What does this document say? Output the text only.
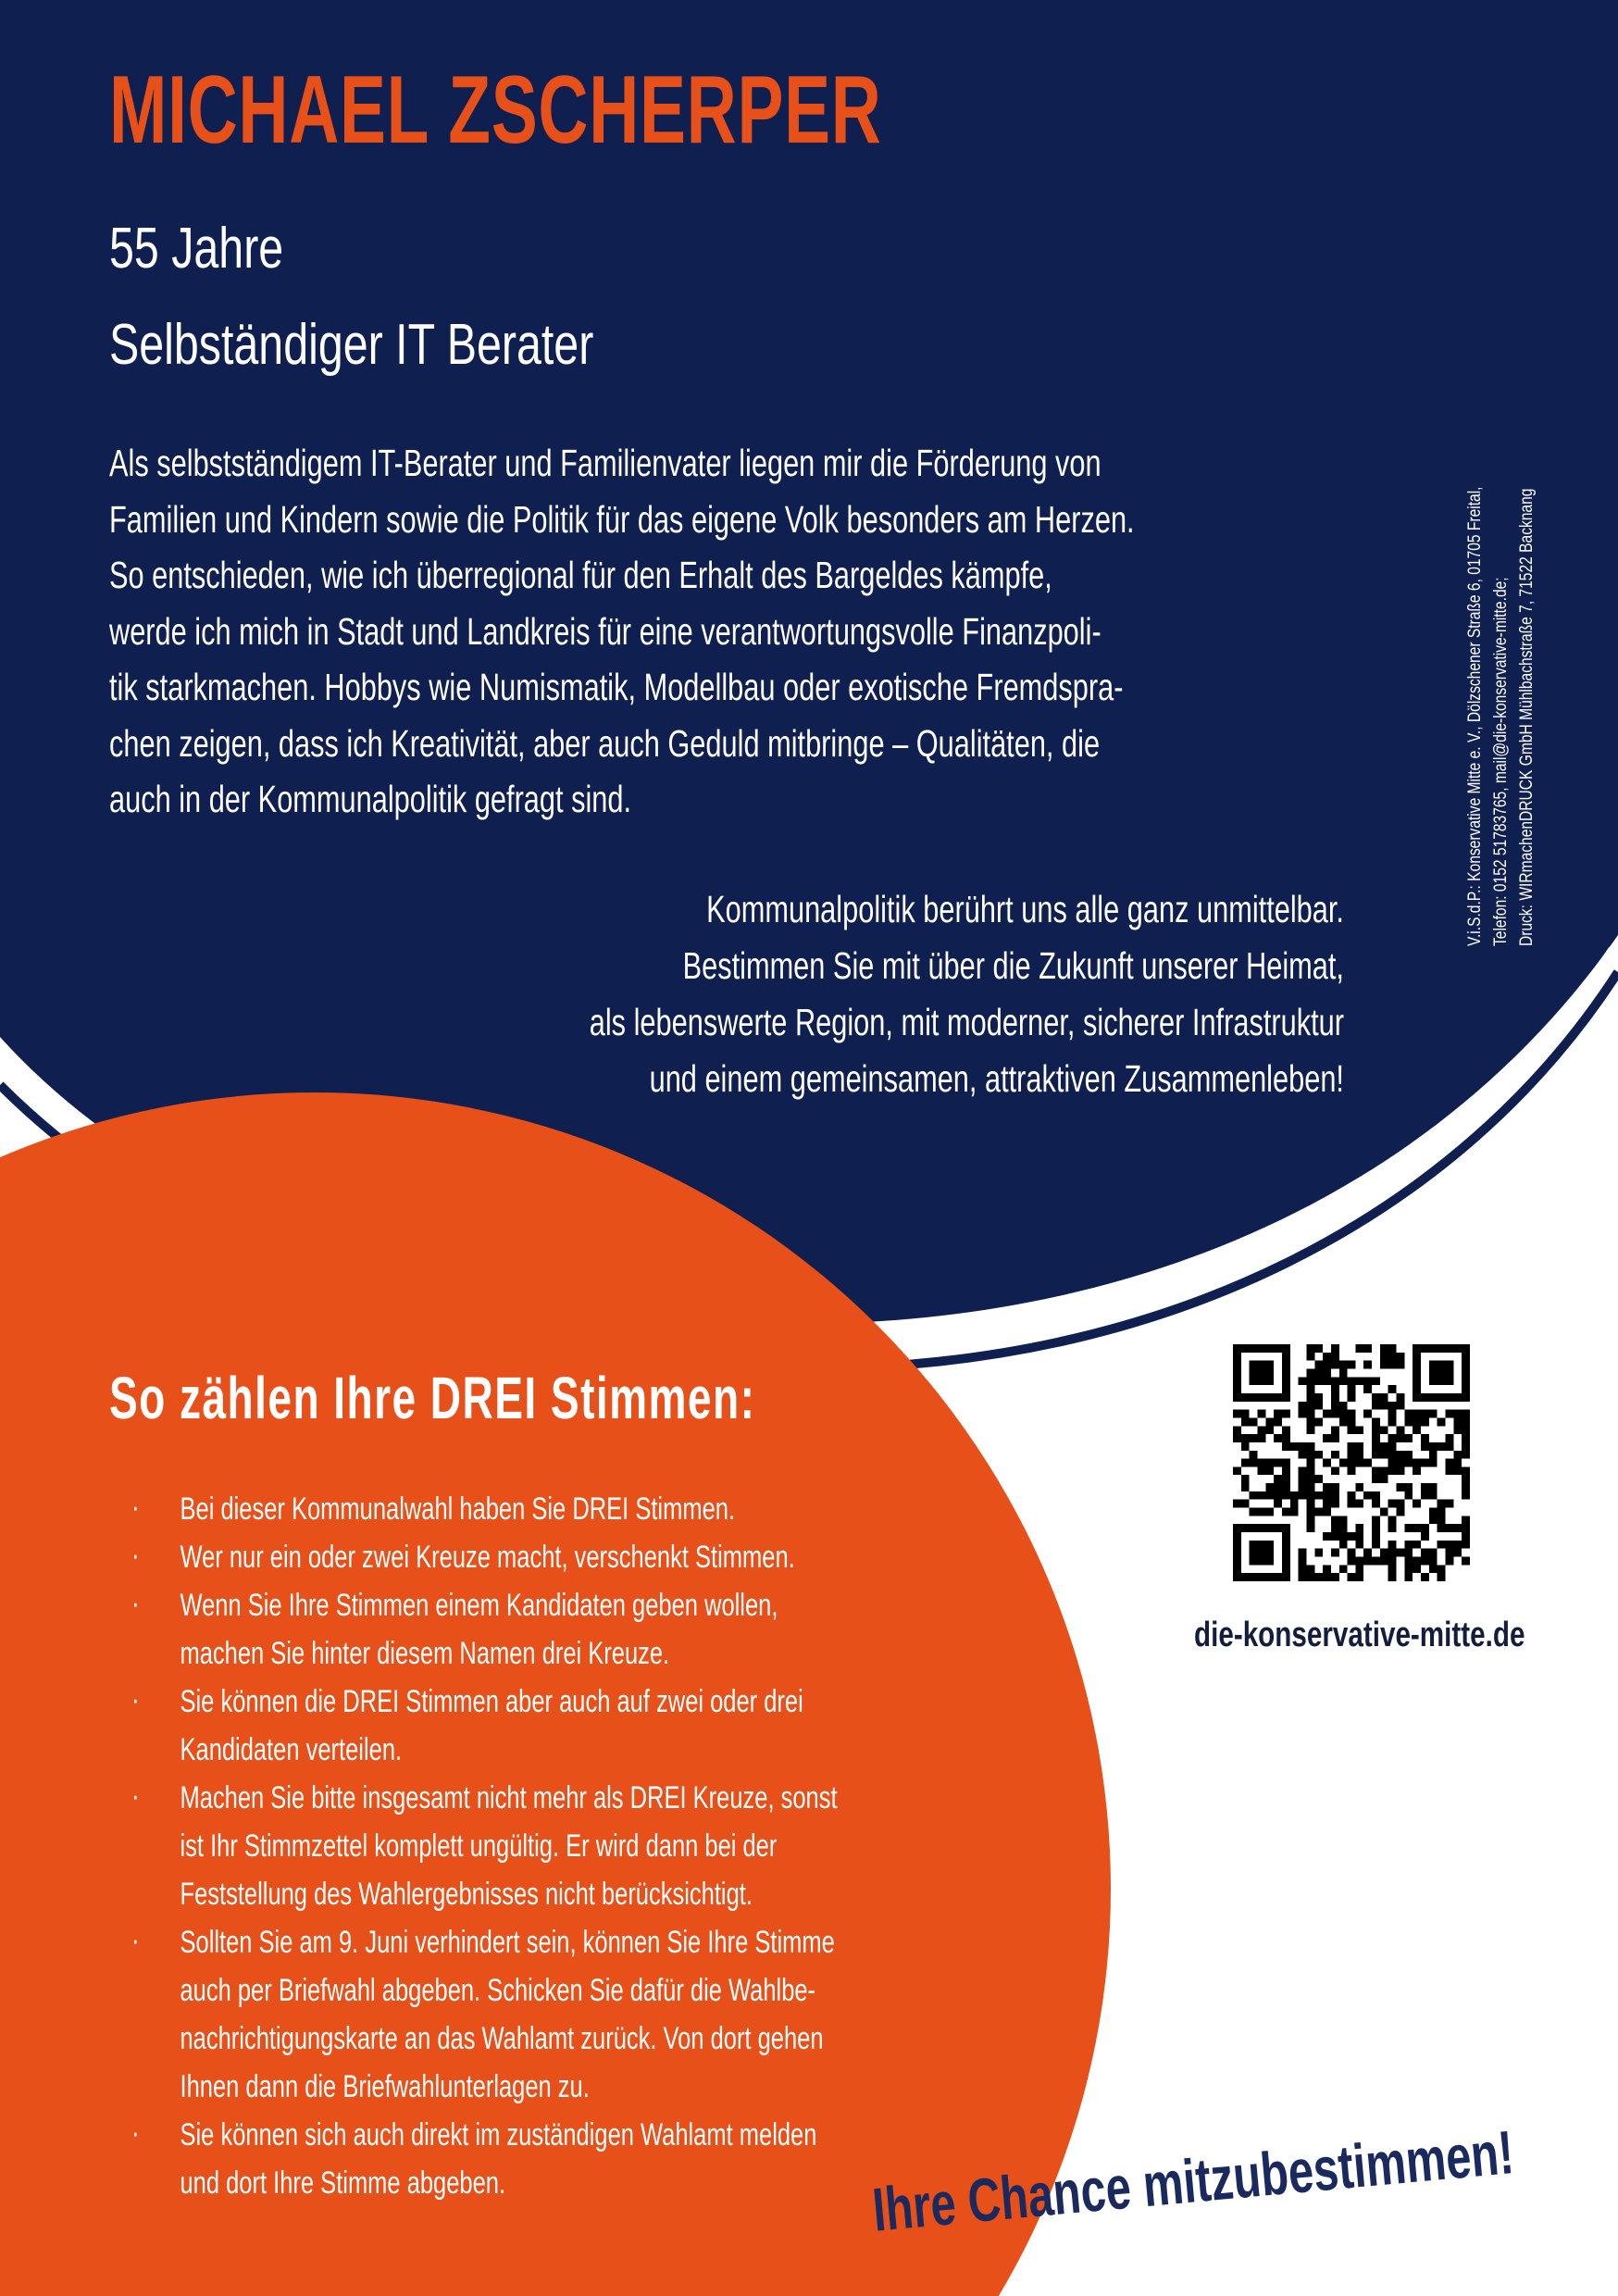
MICHAEL ZSCHERPER

55 Jahre

Selbständiger IT Berater

Als selbstständigem IT-Berater und Familienvater liegen mir die Förderung von
Familien und Kindern sowie die Politik für das eigene Volk besonders am Herzen.
So entschieden, wie ich überregional für den Erhalt des Bargeldes kämpfe,
werde ich mich in Stadt und Landkreis für eine verantwortungsvolle Finanzpoli-
tik starkmachen. Hobbys wie Numismatik, Modellbau oder exotische Fremdspra-
chen zeigen, dass ich Kreativität, aber auch Geduld mitbringe – Qualitäten, die
auch in der Kommunalpolitik gefragt sind.

Kommunalpolitik berührt uns alle ganz unmittelbar.
Bestimmen Sie mit über die Zukunft unserer Heimat,
als lebenswerte Region, mit moderner, sicherer Infrastruktur
und einem gemeinsamen, attraktiven Zusammenleben!

V.i.S.d.P.: Konservative Mitte e. V., Dölzschener Straße 6, 01705 Freital, Telefon: 0152 51783765, mail@die-konservative-mitte.de; Druck: WIRmachenDRUCK GmbH Mühlbachstraße 7, 71522 Backnang
So zählen Ihre DREI Stimmen:
· Bei dieser Kommunalwahl haben Sie DREI Stimmen.
· Wer nur ein oder zwei Kreuze macht, verschenkt Stimmen.
· Wenn Sie Ihre Stimmen einem Kandidaten geben wollen,
machen Sie hinter diesem Namen drei Kreuze.
· Sie können die DREI Stimmen aber auch auf zwei oder drei
Kandidaten verteilen.
· Machen Sie bitte insgesamt nicht mehr als DREI Kreuze, sonst
ist Ihr Stimmzettel komplett ungültig. Er wird dann bei der
Feststellung des Wahlergebnisses nicht berücksichtigt.
· Sollten Sie am 9. Juni verhindert sein, können Sie Ihre Stimme
auch per Briefwahl abgeben. Schicken Sie dafür die Wahlbe-
nachrichtigungskarte an das Wahlamt zurück. Von dort gehen
Ihnen dann die Briefwahlunterlagen zu.
· Sie können sich auch direkt im zuständigen Wahlamt melden
und dort Ihre Stimme abgeben.

die-konservative-mitte.de

Ihre Chance mitzubestimmen!
